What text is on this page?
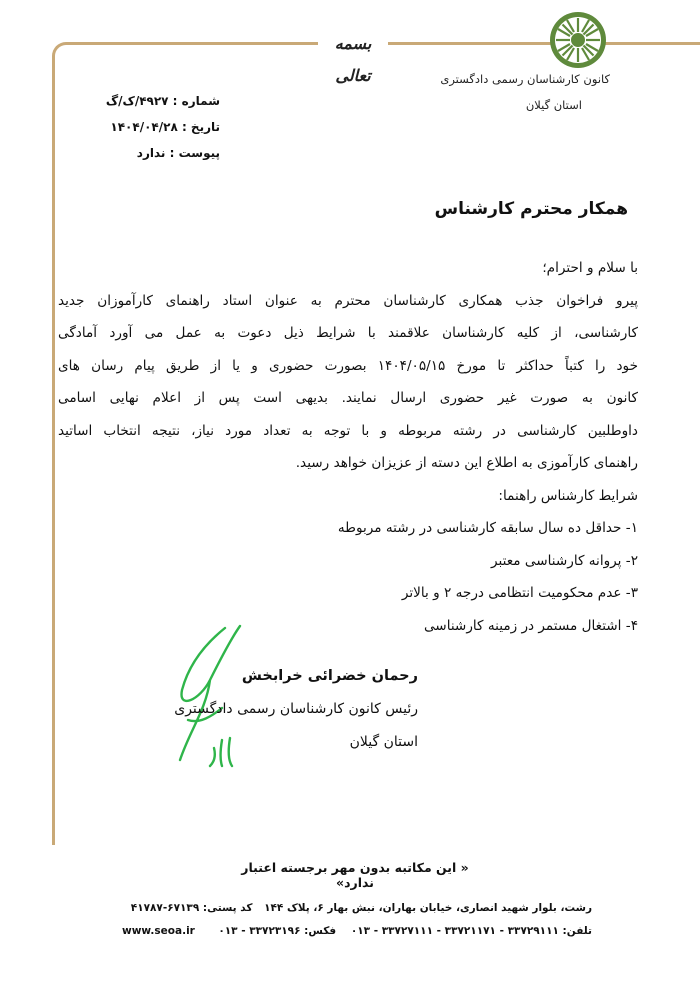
بسمه تعالی	کانون کارشناسان رسمی دادگستری
استان گیلان
شماره : ۴۹۲۷/ک/گ
تاریخ : ۱۴۰۴/۰۴/۲۸
پیوست : ندارد
همکار محترم کارشناس
با سلام و احترام؛
پیرو فراخوان جذب همکاری کارشناسان محترم به عنوان استاد راهنمای کارآموزان جدید
کارشناسی، از کلیه کارشناسان علاقمند با شرایط ذیل دعوت به عمل می آورد آمادگی
خود را کتباً حداکثر تا مورخ ۱۴۰۴/۰۵/۱۵ بصورت حضوری و یا از طریق پیام رسان های
کانون به صورت غیر حضوری ارسال نمایند. بدیهی است پس از اعلام نهایی اسامی
داوطلبین کارشناسی در رشته مربوطه و با توجه به تعداد مورد نیاز، نتیجه انتخاب اساتید
راهنمای کارآموزی به اطلاع این دسته از عزیزان خواهد رسید.
شرایط کارشناس راهنما:
۱- حداقل ده سال سابقه کارشناسی در رشته مربوطه
۲- پروانه کارشناسی معتبر
۳- عدم محکومیت انتظامی درجه ۲ و بالاتر
۴- اشتغال مستمر در زمینه کارشناسی
رحمان خضرائی خرابخش
رئیس کانون کارشناسان رسمی دادگستری
استان گیلان
« این مکاتبه بدون مهر برجسته اعتبار ندارد»
رشت، بلوار شهید انصاری، خیابان بهاران، نبش بهار ۶، پلاک ۱۴۴ کد پستی: ۶۷۱۳۹-۴۱۷۸۷
تلفن: ۳۳۷۲۹۱۱۱ - ۳۳۷۲۱۱۷۱ - ۳۳۷۲۷۱۱۱ - ۰۱۳    فکس: ۳۳۷۲۳۱۹۶ - ۰۱۳
www.seoa.ir
